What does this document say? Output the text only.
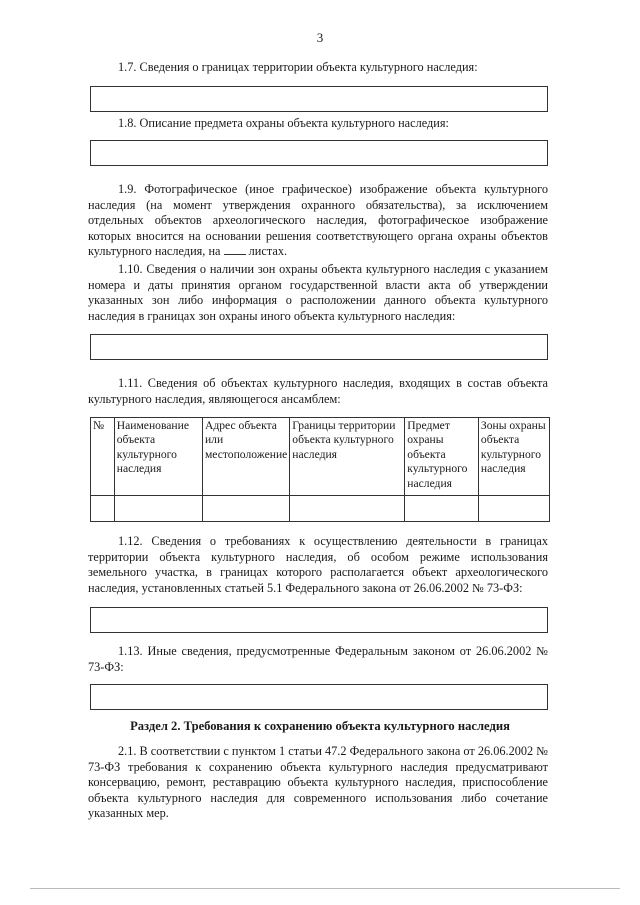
3
1.7. Сведения о границах территории объекта культурного наследия:
1.8. Описание предмета охраны объекта культурного наследия:
1.9. Фотографическое (иное графическое) изображение объекта культурного наследия (на момент утверждения охранного обязательства), за исключением отдельных объектов археологического наследия, фотографическое изображение которых вносится на основании решения соответствующего органа охраны объектов культурного наследия, на листах.
1.10. Сведения о наличии зон охраны объекта культурного наследия с указанием номера и даты принятия органом государственной власти акта об утверждении указанных зон либо информация о расположении данного объекта культурного наследия в границах зон охраны иного объекта культурного наследия:
1.11. Сведения об объектах культурного наследия, входящих в состав объекта культурного наследия, являющегося ансамблем:
№	Наименование объекта культурного наследия	Адрес объекта или местоположение	Границы территории объекта культурного наследия	Предмет охраны объекта культурного наследия	Зоны охраны объекта культурного наследия

1.12. Сведения о требованиях к осуществлению деятельности в границах территории объекта культурного наследия, об особом режиме использования земельного участка, в границах которого располагается объект археологического наследия, установленных статьей 5.1 Федерального закона от 26.06.2002 № 73-ФЗ:
1.13. Иные сведения, предусмотренные Федеральным законом от 26.06.2002 № 73-ФЗ:
Раздел 2. Требования к сохранению объекта культурного наследия
2.1. В соответствии с пунктом 1 статьи 47.2 Федерального закона от 26.06.2002 № 73-ФЗ требования к сохранению объекта культурного наследия предусматривают консервацию, ремонт, реставрацию объекта культурного наследия, приспособление объекта культурного наследия для современного использования либо сочетание указанных мер.
